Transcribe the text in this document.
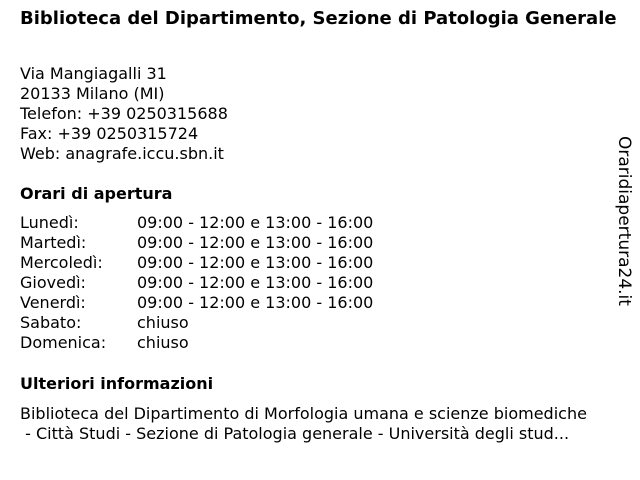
Biblioteca del Dipartimento, Sezione di Patologia Generale
Via Mangiagalli 31
20133 Milano (MI)
Telefon: +39 0250315688
Fax: +39 0250315724
Web: anagrafe.iccu.sbn.it
Orari di apertura
Lunedì:	09:00 - 12:00 e 13:00 - 16:00
Martedì:	09:00 - 12:00 e 13:00 - 16:00
Mercoledì: 09:00 - 12:00 e 13:00 - 16:00
Giovedì:	09:00 - 12:00 e 13:00 - 16:00
Venerdì:	09:00 - 12:00 e 13:00 - 16:00
Sabato:	chiuso
Domenica: chiuso
Ulteriori informazioni
Biblioteca del Dipartimento di Morfologia umana e scienze biomediche
- Città Studi - Sezione di Patologia generale - Università degli stud...
Oraridiapertura24.it
